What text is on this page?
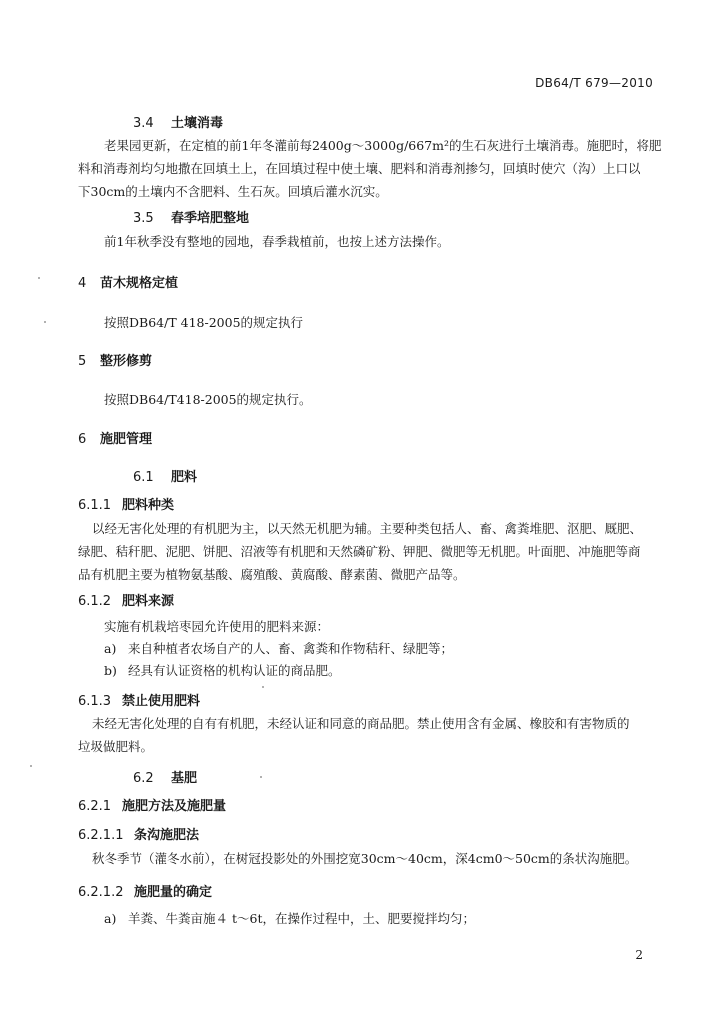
DB64/T 679—2010
3.4 土壤消毒
老果园更新，在定植的前1年冬灌前每2400g～3000g/667m²的生石灰进行土壤消毒。施肥时，将肥
料和消毒剂均匀地撒在回填土上，在回填过程中使土壤、肥料和消毒剂掺匀，回填时使穴（沟）上口以
下30cm的土壤内不含肥料、生石灰。回填后灌水沉实。
3.5 春季培肥整地
前1年秋季没有整地的园地，春季栽植前，也按上述方法操作。
4 苗木规格定植
按照DB64/T 418-2005的规定执行
5 整形修剪
按照DB64/T418-2005的规定执行。
6 施肥管理
6.1 肥料
6.1.1 肥料种类
以经无害化处理的有机肥为主，以天然无机肥为辅。主要种类包括人、畜、禽粪堆肥、沤肥、厩肥、
绿肥、秸秆肥、泥肥、饼肥、沼液等有机肥和天然磷矿粉、钾肥、微肥等无机肥。叶面肥、冲施肥等商
品有机肥主要为植物氨基酸、腐殖酸、黄腐酸、酵素菌、微肥产品等。
6.1.2 肥料来源
实施有机栽培枣园允许使用的肥料来源：
a) 来自种植者农场自产的人、畜、禽粪和作物秸秆、绿肥等；
b) 经具有认证资格的机构认证的商品肥。
6.1.3 禁止使用肥料
未经无害化处理的自有有机肥，未经认证和同意的商品肥。禁止使用含有金属、橡胶和有害物质的
垃圾做肥料。
6.2 基肥
6.2.1 施肥方法及施肥量
6.2.1.1 条沟施肥法
秋冬季节（灌冬水前），在树冠投影处的外围挖宽30cm～40cm，深4cm0～50cm的条状沟施肥。
6.2.1.2 施肥量的确定
a) 羊粪、牛粪亩施４ t～6t，在操作过程中，土、肥要搅拌均匀；
2
